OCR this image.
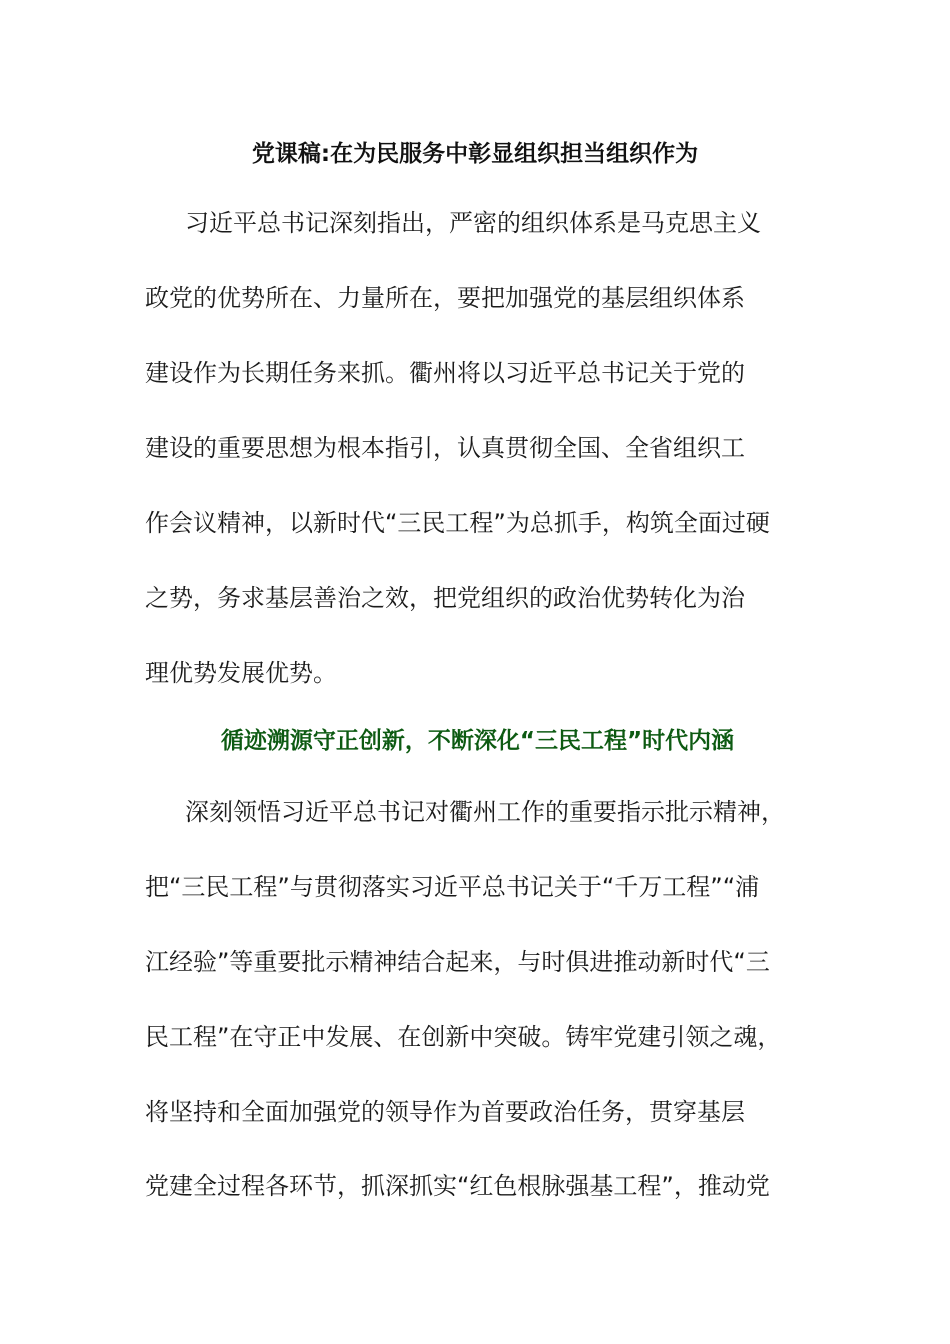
党课稿:在为民服务中彰显组织担当组织作为
习近平总书记深刻指出，严密的组织体系是马克思主义
政党的优势所在、力量所在，要把加强党的基层组织体系
建设作为长期任务来抓。衢州将以习近平总书记关于党的
建设的重要思想为根本指引，认真贯彻全国、全省组织工
作会议精神，以新时代“三民工程”为总抓手，构筑全面过硬
之势，务求基层善治之效，把党组织的政治优势转化为治
理优势发展优势。
循迹溯源守正创新，不断深化“三民工程”时代内涵
深刻领悟习近平总书记对衢州工作的重要指示批示精神，
把“三民工程”与贯彻落实习近平总书记关于“千万工程”“浦
江经验”等重要批示精神结合起来，与时俱进推动新时代“三
民工程”在守正中发展、在创新中突破。铸牢党建引领之魂，
将坚持和全面加强党的领导作为首要政治任务，贯穿基层
党建全过程各环节，抓深抓实“红色根脉强基工程”，推动党
